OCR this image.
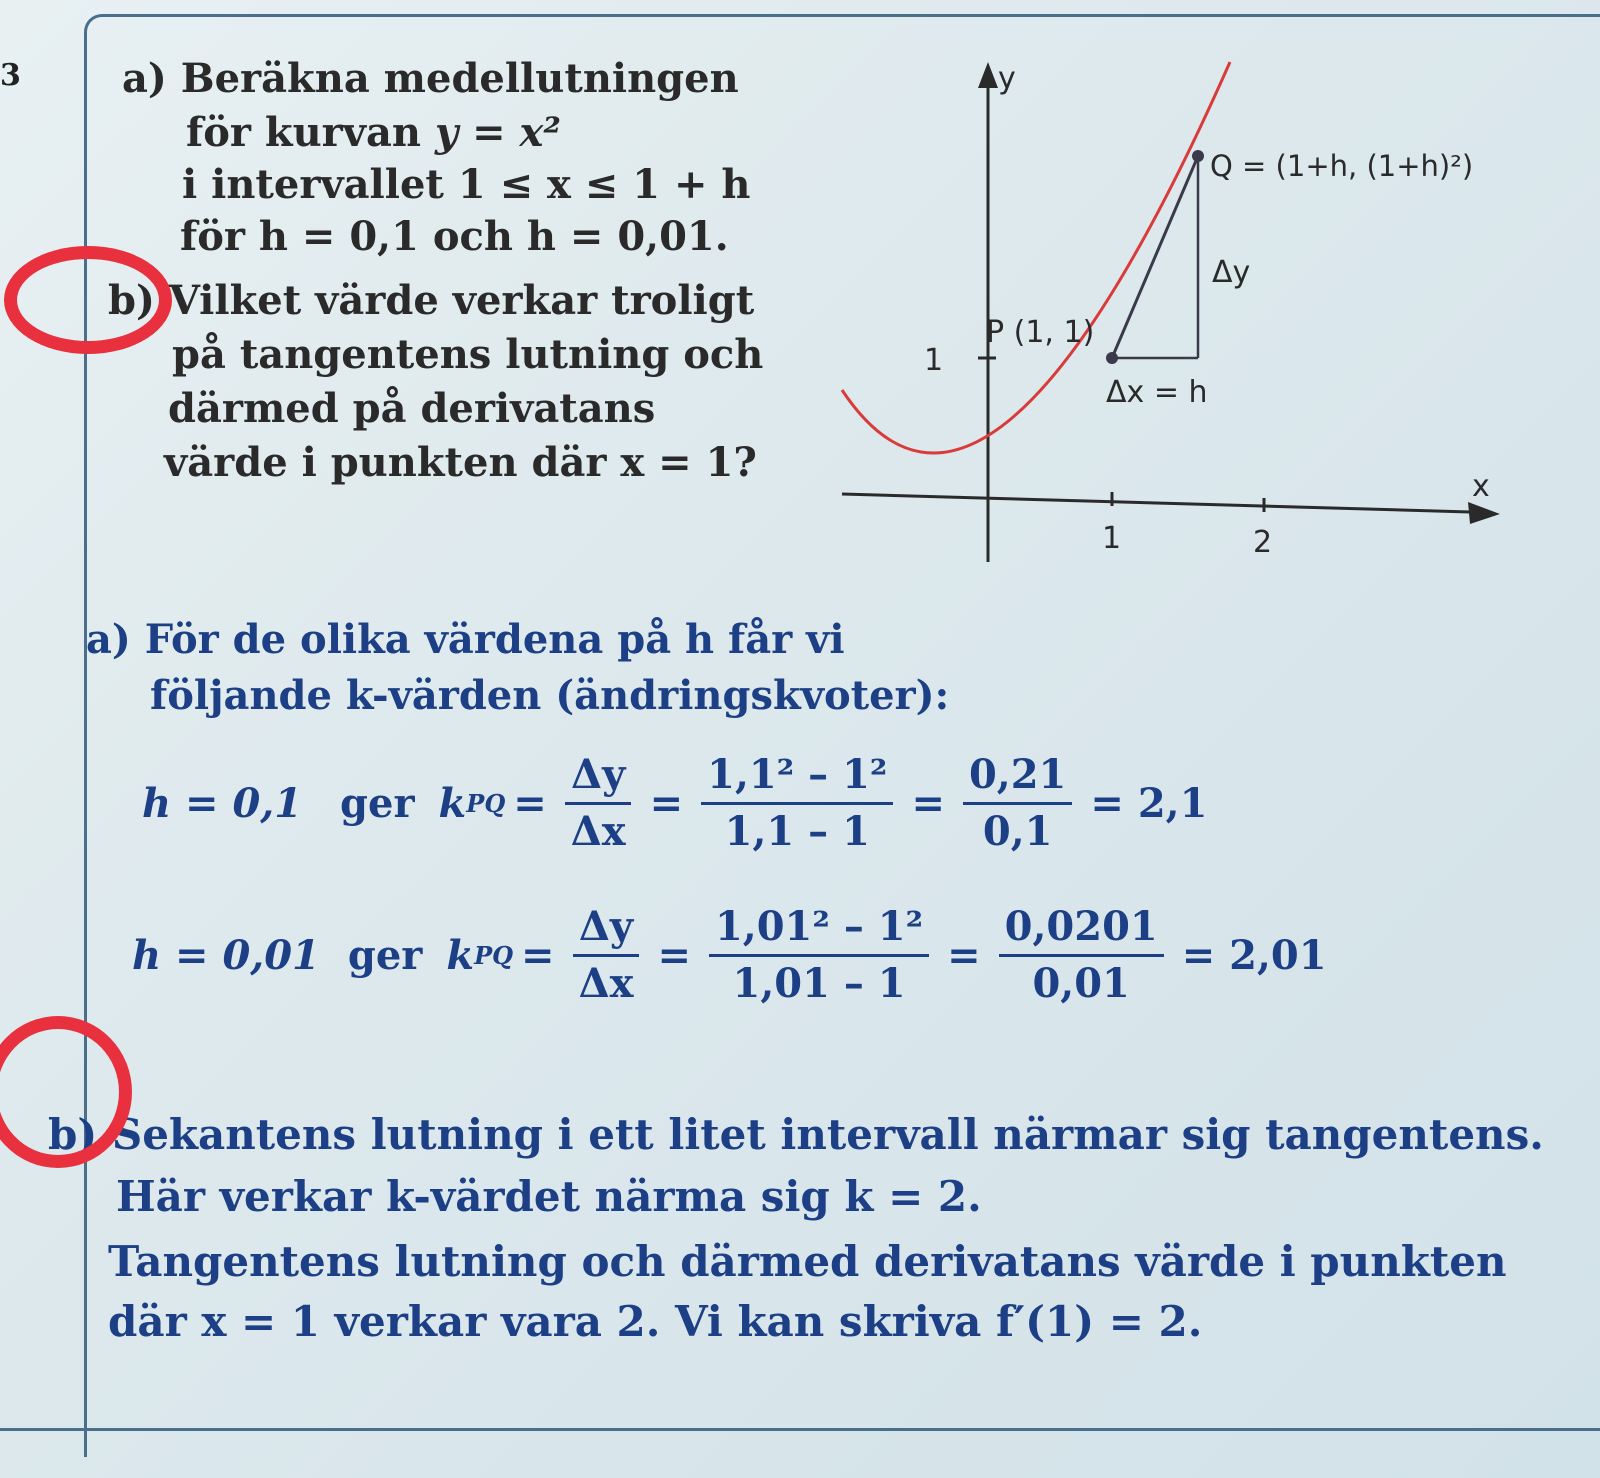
3	a) Beräkna medellutningen
för kurvan y = x²
i intervallet 1 ≤ x ≤ 1 + h
för h = 0,1 och h = 0,01.
b) Vilket värde verkar troligt
på tangentens lutning och
därmed på derivatans
värde i punkten där x = 1?
y
x
1
1	2
P (1, 1)
Q = (1+h, (1+h)²)
Δy
Δx = h
a) För de olika värdena på h får vi
följande k-värden (ändringskvoter):
h = 0,1 ger k PQ = $\frac{\Delta y}{\Delta x} = \frac{\text{1,1² – 1²}}{1,1 - 1} = \frac{0,21}{0,1} = 2,1$
h = 0,01 ger k PQ = $\frac{\Delta y}{\Delta x} = \frac{\text{1,01² – 1²}}{1,01 - 1} = \frac{0,0201}{0,01} = 2,01$
b) Sekantens lutning i ett litet intervall närmar sig tangentens.
Här verkar k-värdet närma sig k = 2.
Tangentens lutning och därmed derivatans värde i punkten
där x = 1 verkar vara 2. Vi kan skriva f′(1) = 2.
